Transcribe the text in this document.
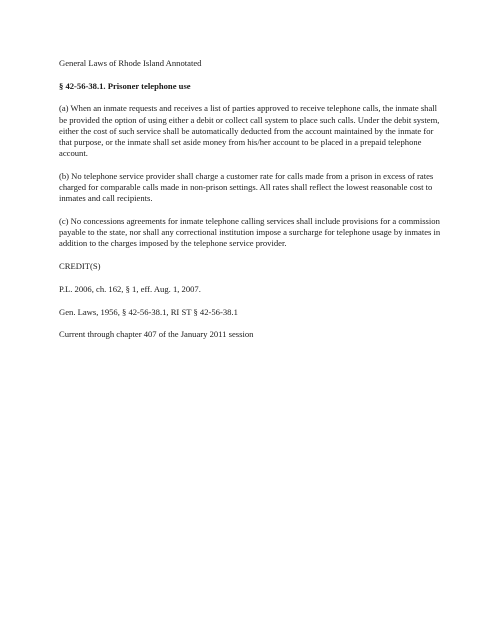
General Laws of Rhode Island Annotated

§ 42-56-38.1. Prisoner telephone use

(a) When an inmate requests and receives a list of parties approved to receive telephone calls, the inmate shall be provided the option of using either a debit or collect call system to place such calls. Under the debit system, either the cost of such service shall be automatically deducted from the account maintained by the inmate for that purpose, or the inmate shall set aside money from his/her account to be placed in a prepaid telephone account.

(b) No telephone service provider shall charge a customer rate for calls made from a prison in excess of rates charged for comparable calls made in non-prison settings. All rates shall reflect the lowest reasonable cost to inmates and call recipients.

(c) No concessions agreements for inmate telephone calling services shall include provisions for a commission payable to the state, nor shall any correctional institution impose a surcharge for telephone usage by inmates in addition to the charges imposed by the telephone service provider.

CREDIT(S)

P.L. 2006, ch. 162, § 1, eff. Aug. 1, 2007.

Gen. Laws, 1956, § 42-56-38.1, RI ST § 42-56-38.1

Current through chapter 407 of the January 2011 session
